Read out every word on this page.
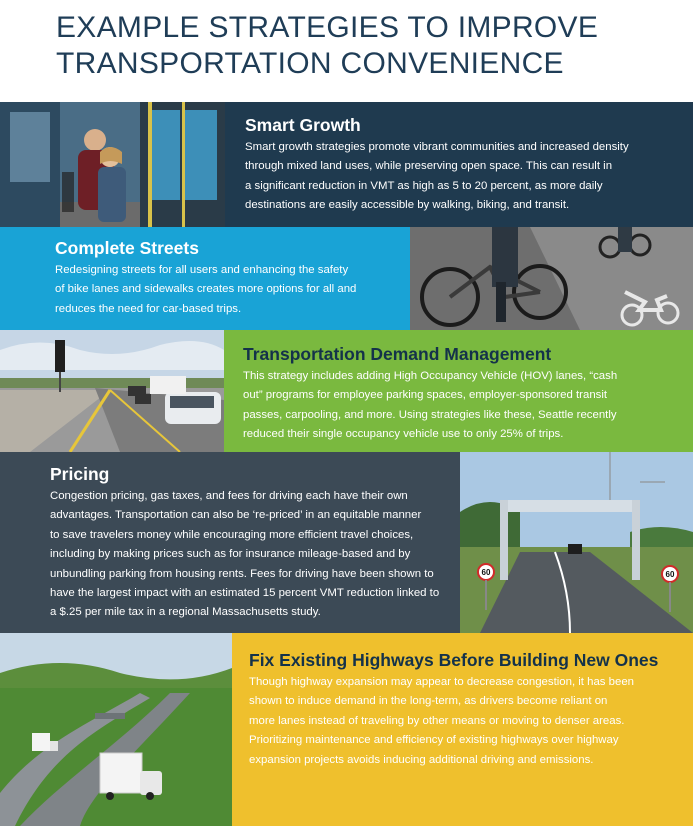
EXAMPLE STRATEGIES TO IMPROVE
TRANSPORTATION CONVENIENCE
Smart Growth
Smart growth strategies promote vibrant communities and increased density
through mixed land uses, while preserving open space. This can result in
a significant reduction in VMT as high as 5 to 20 percent, as more daily
destinations are easily accessible by walking, biking, and transit.
Complete Streets
Redesigning streets for all users and enhancing the safety
of bike lanes and sidewalks creates more options for all and
reduces the need for car-based trips.
Transportation Demand Management
This strategy includes adding High Occupancy Vehicle (HOV) lanes, “cash
out” programs for employee parking spaces, employer-sponsored transit
passes, carpooling, and more. Using strategies like these, Seattle recently
reduced their single occupancy vehicle use to only 25% of trips.
Pricing
Congestion pricing, gas taxes, and fees for driving each have their own
advantages. Transportation can also be ‘re-priced’ in an equitable manner
to save travelers money while encouraging more efficient travel choices,
including by making prices such as for insurance mileage-based and by
unbundling parking from housing rents. Fees for driving have been shown to
have the largest impact with an estimated 15 percent VMT reduction linked to
a $.25 per mile tax in a regional Massachusetts study.
60	60
Fix Existing Highways Before Building New Ones
Though highway expansion may appear to decrease congestion, it has been
shown to induce demand in the long-term, as drivers become reliant on
more lanes instead of traveling by other means or moving to denser areas.
Prioritizing maintenance and efficiency of existing highways over highway
expansion projects avoids inducing additional driving and emissions.
